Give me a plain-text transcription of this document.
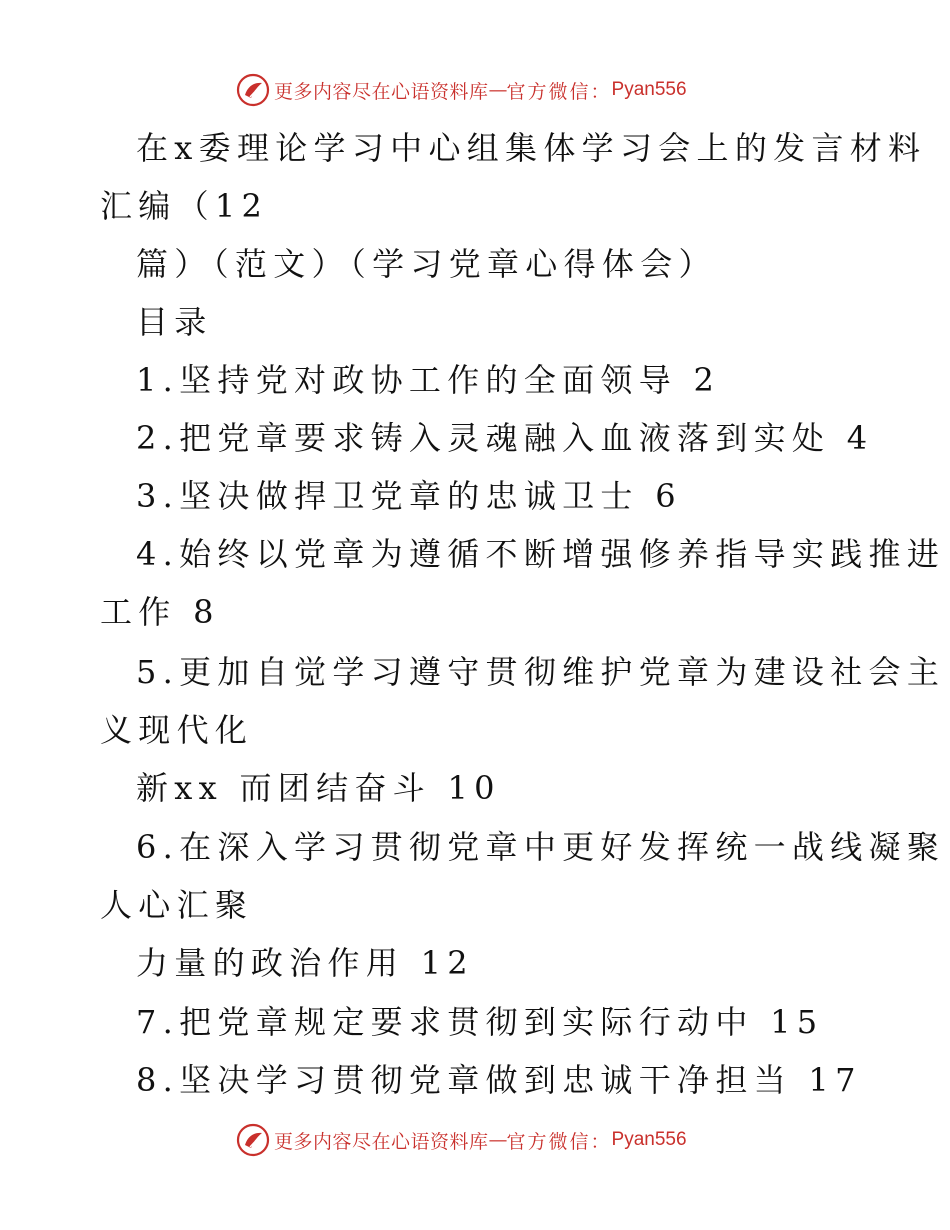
更多内容尽在心语资料库 — 官方微信： Pyan556
在x委理论学习中心组集体学习会上的发言材料
汇编（12
篇）（范文）（学习党章心得体会）
目录
1.坚持党对政协工作的全面领导 2
2.把党章要求铸入灵魂融入血液落到实处 4
3.坚决做捍卫党章的忠诚卫士 6
4.始终以党章为遵循不断增强修养指导实践推进
工作 8
5.更加自觉学习遵守贯彻维护党章为建设社会主
义现代化
新xx 而团结奋斗 10
6.在深入学习贯彻党章中更好发挥统一战线凝聚
人心汇聚
力量的政治作用 12
7.把党章规定要求贯彻到实际行动中 15
8.坚决学习贯彻党章做到忠诚干净担当 17
更多内容尽在心语资料库 — 官方微信： Pyan556
